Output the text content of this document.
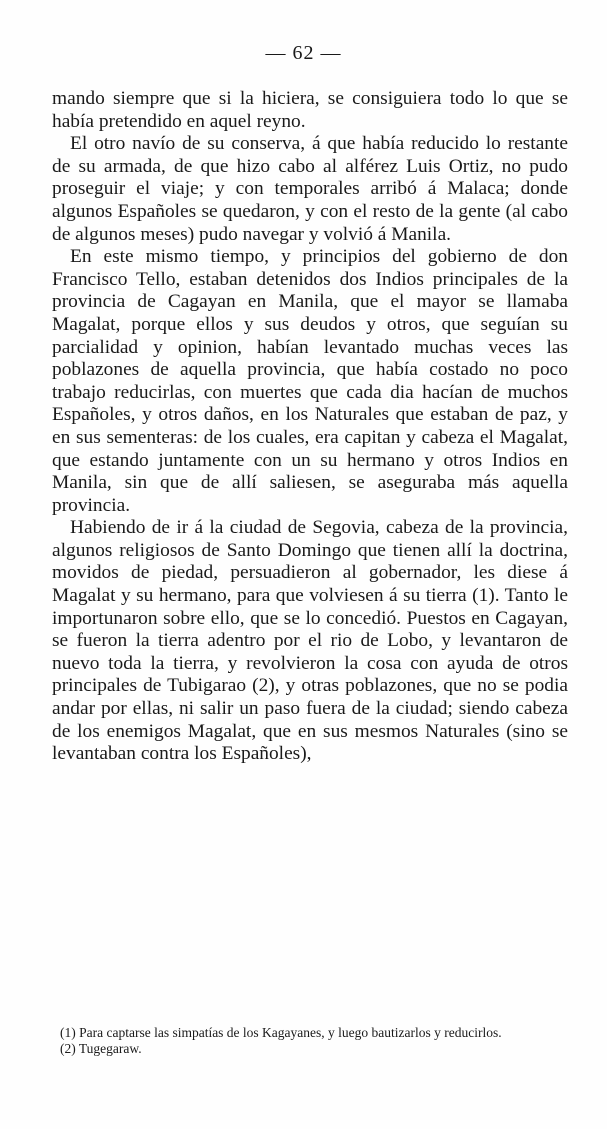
— 62 —

mando siempre que si la hiciera, se consiguiera todo lo que se había pretendido en aquel reyno.

El otro navío de su conserva, á que había reducido lo restante de su armada, de que hizo cabo al alférez Luis Ortiz, no pudo proseguir el viaje; y con temporales arribó á Malaca; donde algunos Españoles se quedaron, y con el resto de la gente (al cabo de algunos meses) pudo navegar y volvió á Manila.

En este mismo tiempo, y principios del gobierno de don Francisco Tello, estaban detenidos dos Indios principales de la provincia de Cagayan en Manila, que el mayor se llamaba Magalat, porque ellos y sus deudos y otros, que seguían su parcialidad y opinion, habían levantado muchas veces las poblazones de aquella provincia, que había costado no poco trabajo reducirlas, con muertes que cada dia hacían de muchos Españoles, y otros daños, en los Naturales que estaban de paz, y en sus sementeras: de los cuales, era capitan y cabeza el Magalat, que estando juntamente con un su hermano y otros Indios en Manila, sin que de allí saliesen, se aseguraba más aquella provincia.

Habiendo de ir á la ciudad de Segovia, cabeza de la provincia, algunos religiosos de Santo Domingo que tienen allí la doctrina, movidos de piedad, persuadieron al gobernador, les diese á Magalat y su hermano, para que volviesen á su tierra (1). Tanto le importunaron sobre ello, que se lo concedió. Puestos en Cagayan, se fueron la tierra adentro por el rio de Lobo, y levantaron de nuevo toda la tierra, y revolvieron la cosa con ayuda de otros principales de Tubigarao (2), y otras poblazones, que no se podia andar por ellas, ni salir un paso fuera de la ciudad; siendo cabeza de los enemigos Magalat, que en sus mesmos Naturales (sino se levantaban contra los Españoles),

(1) Para captarse las simpatías de los Kagayanes, y luego bautizarlos y reducirlos.

(2) Tugegaraw.
